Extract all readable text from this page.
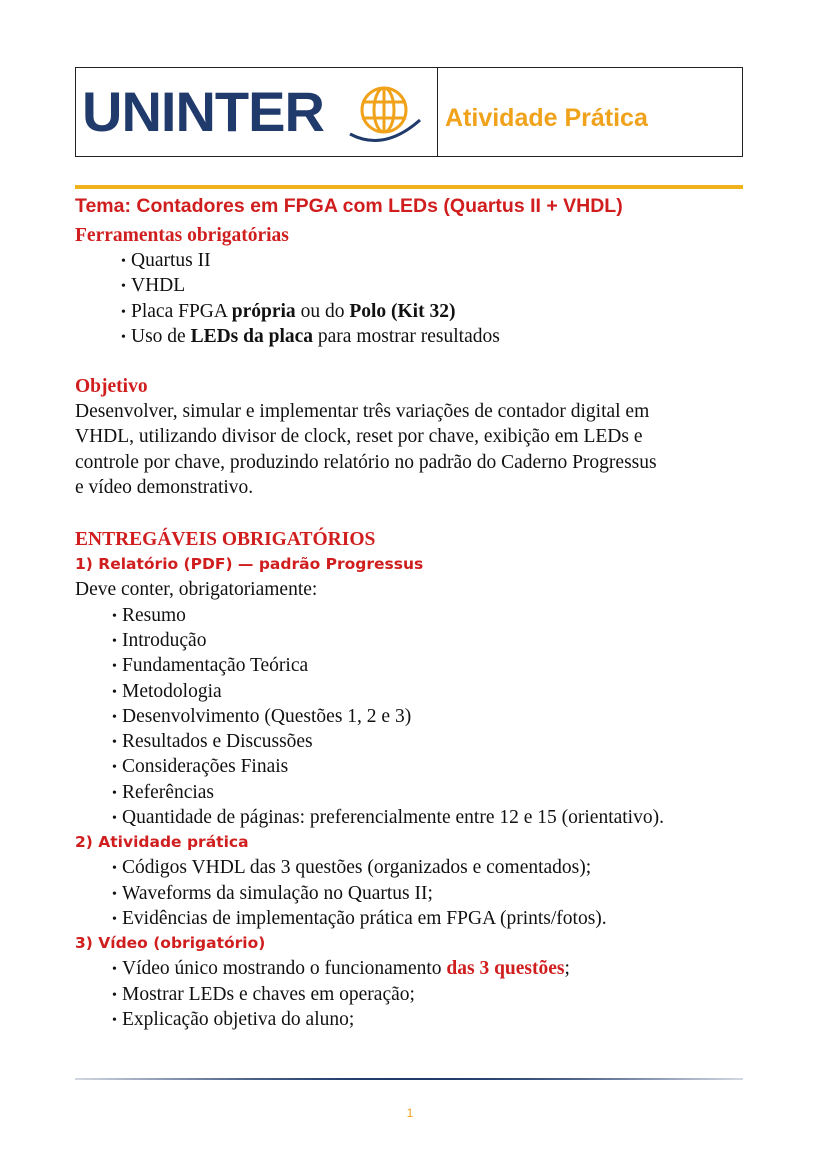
UNINTER	Atividade Prática

Tema: Contadores em FPGA com LEDs (Quartus II + VHDL)

Ferramentas obrigatórias

• Quartus II
• VHDL
• Placa FPGA própria ou do Polo (Kit 32)
• Uso de LEDs da placa para mostrar resultados

Objetivo

Desenvolver, simular e implementar três variações de contador digital em

VHDL, utilizando divisor de clock, reset por chave, exibição em LEDs e

controle por chave, produzindo relatório no padrão do Caderno Progressus

e vídeo demonstrativo.

ENTREGÁVEIS OBRIGATÓRIOS

1) Relatório (PDF) — padrão Progressus

Deve conter, obrigatoriamente:

• Resumo
• Introdução
• Fundamentação Teórica
• Metodologia
• Desenvolvimento (Questões 1, 2 e 3)
• Resultados e Discussões
• Considerações Finais
• Referências
• Quantidade de páginas: preferencialmente entre 12 e 15 (orientativo).

2) Atividade prática

• Códigos VHDL das 3 questões (organizados e comentados);
• Waveforms da simulação no Quartus II;
• Evidências de implementação prática em FPGA (prints/fotos).

3) Vídeo (obrigatório)

• Vídeo único mostrando o funcionamento das 3 questões;
• Mostrar LEDs e chaves em operação;
• Explicação objetiva do aluno;
1
